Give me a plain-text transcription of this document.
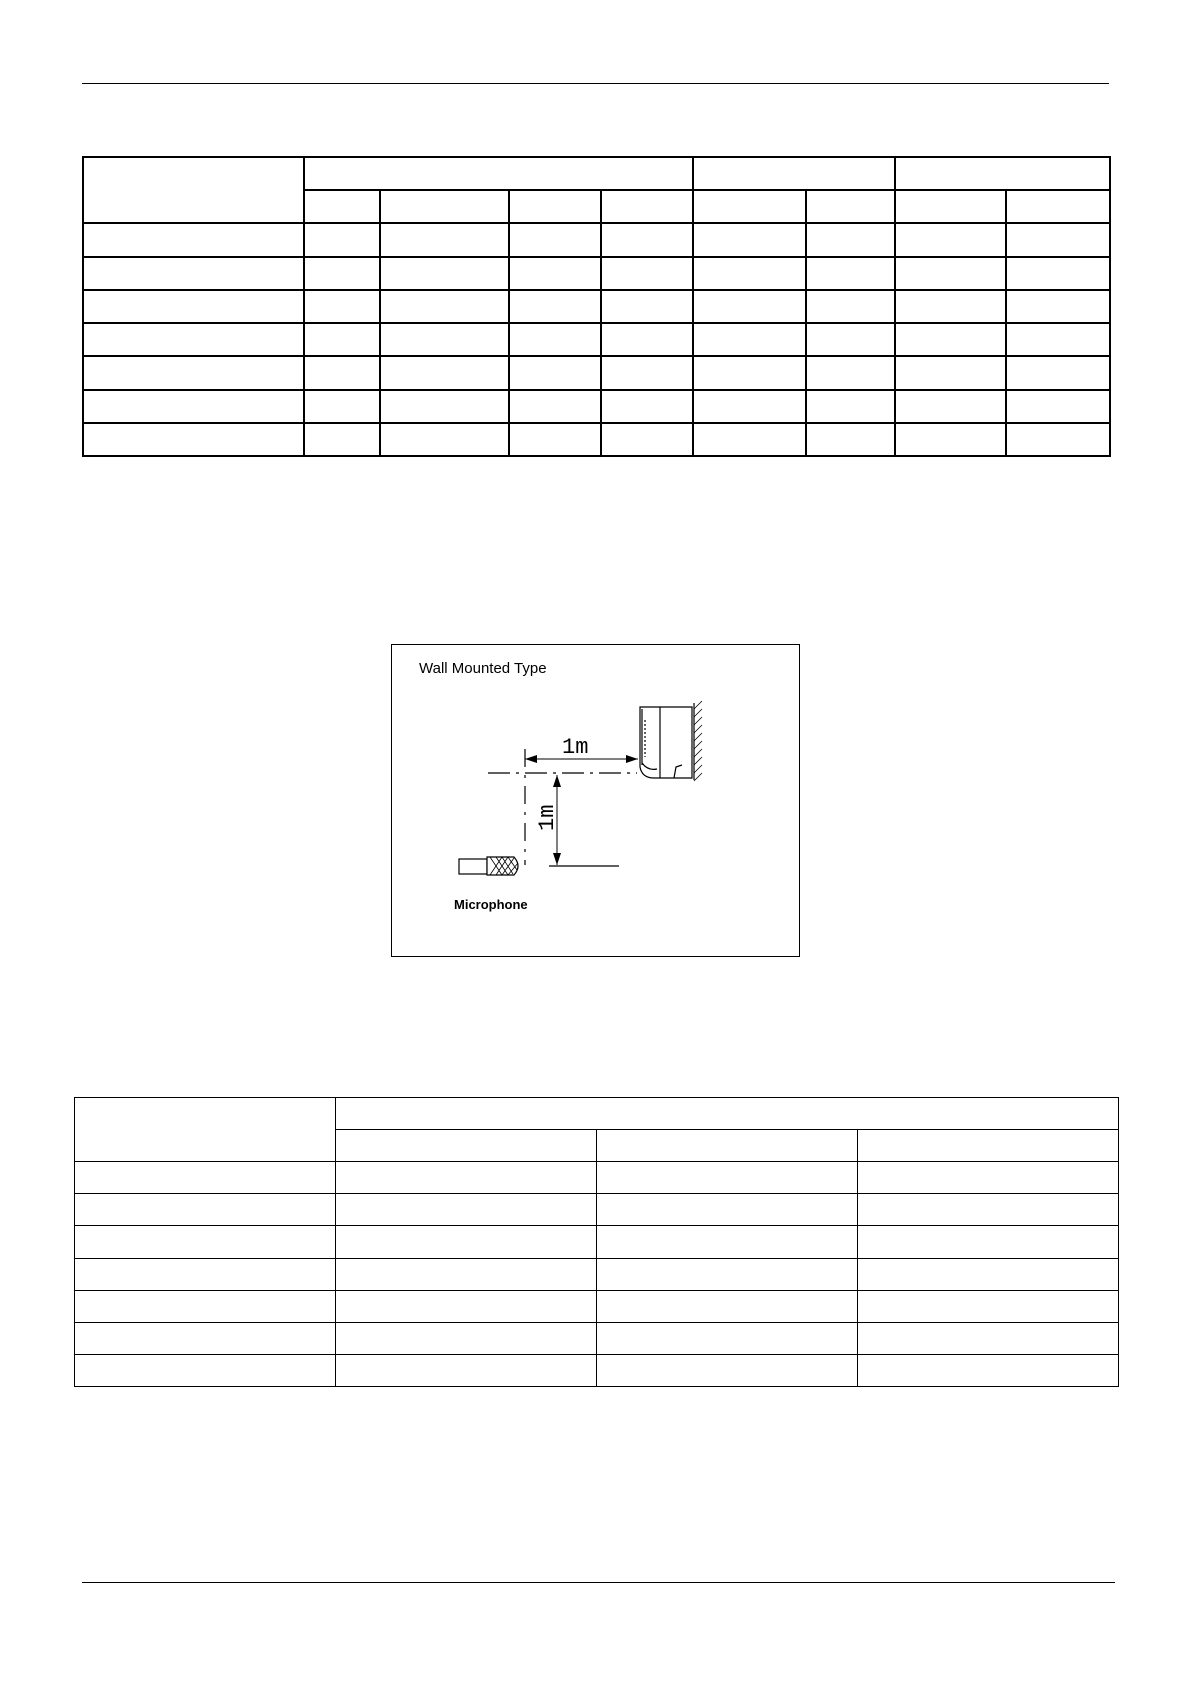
1m
1m
Wall Mounted Type
Microphone
